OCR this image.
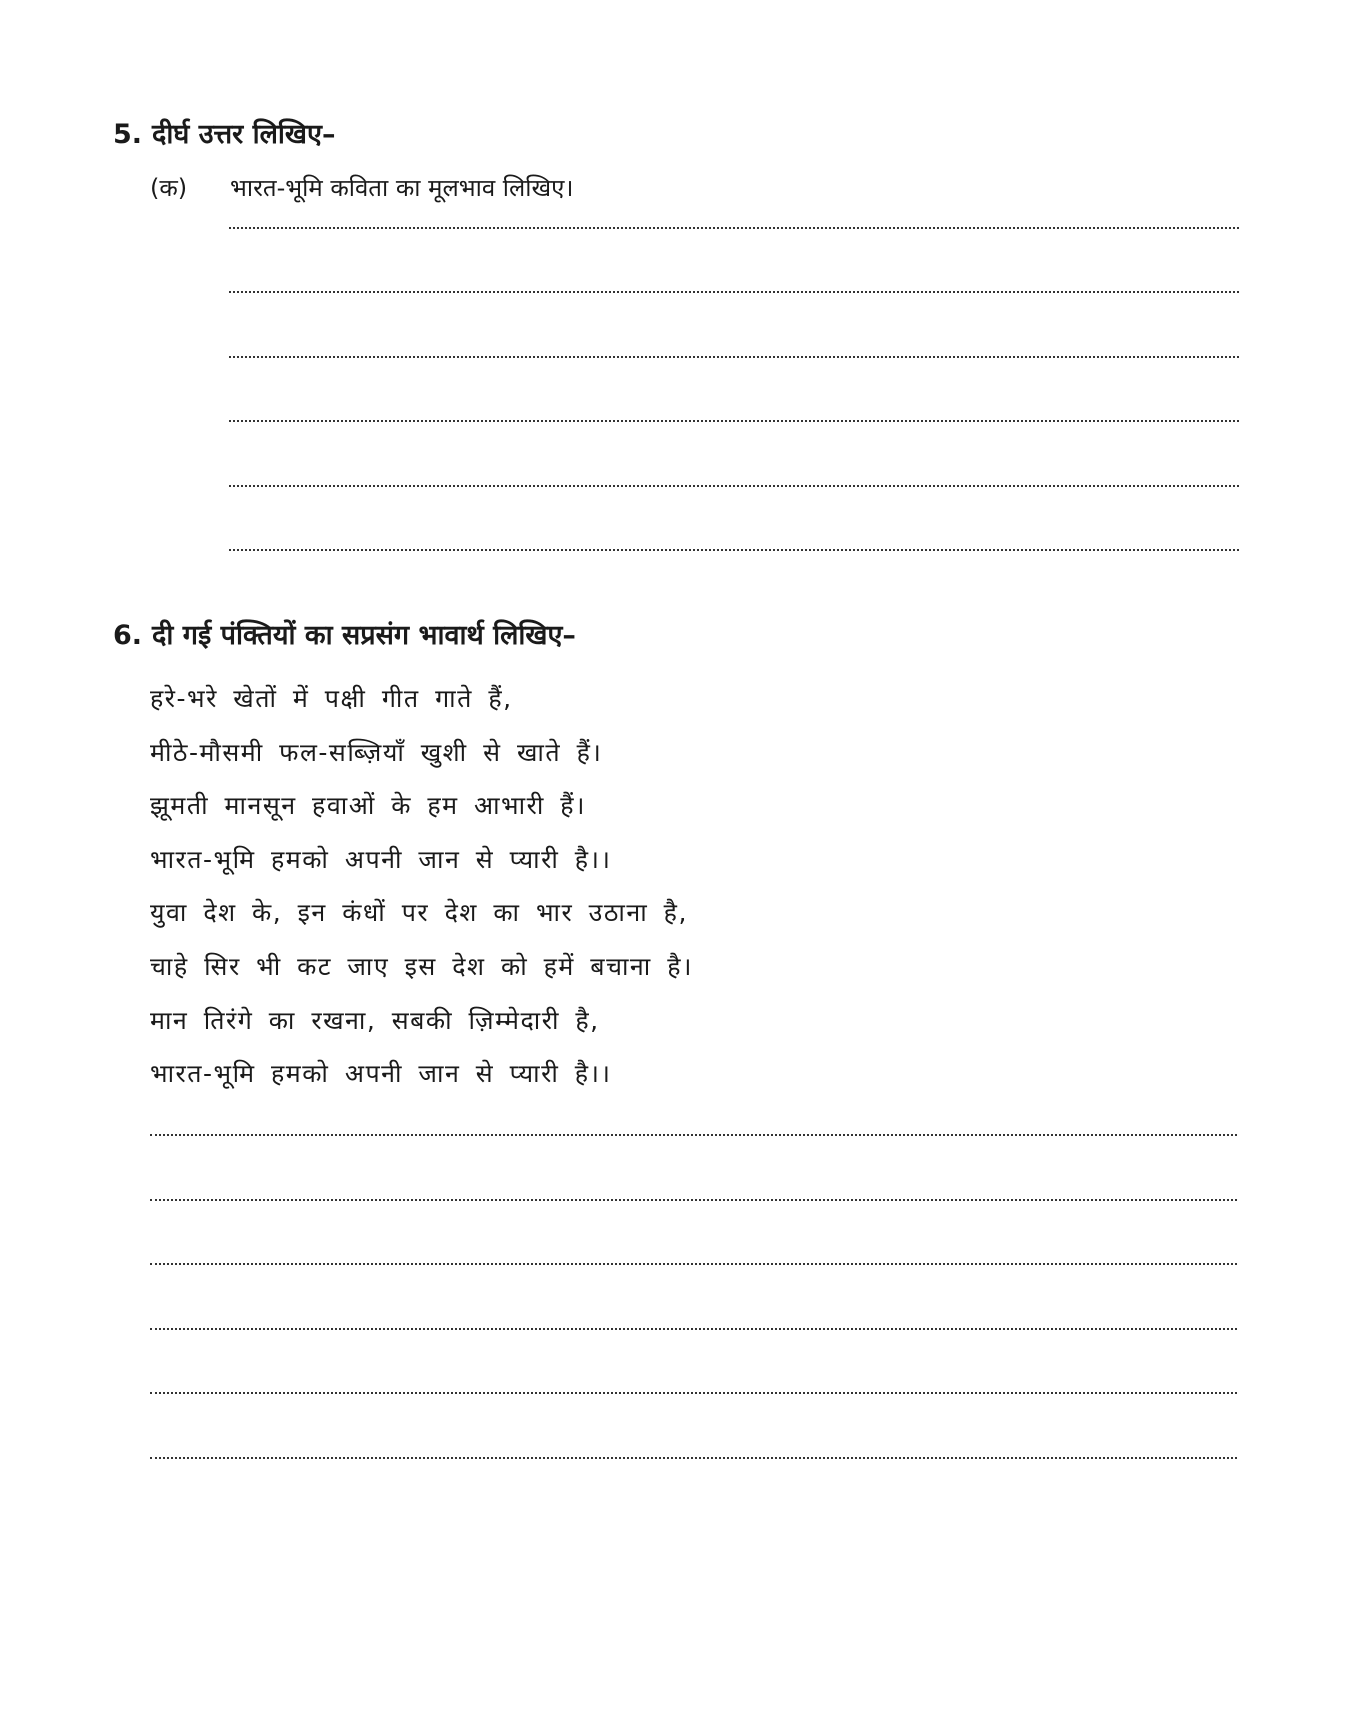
5. दीर्घ उत्तर लिखिए–
(क) भारत-भूमि कविता का मूलभाव लिखिए।
6. दी गई पंक्तियों का सप्रसंग भावार्थ लिखिए–
हरे-भरे खेतों में पक्षी गीत गाते हैं,
मीठे-मौसमी फल-सब्ज़ियाँ खुशी से खाते हैं।
झूमती मानसून हवाओं के हम आभारी हैं।
भारत-भूमि हमको अपनी जान से प्यारी है।।
युवा देश के, इन कंधों पर देश का भार उठाना है,
चाहे सिर भी कट जाए इस देश को हमें बचाना है।
मान तिरंगे का रखना, सबकी ज़िम्मेदारी है,
भारत-भूमि हमको अपनी जान से प्यारी है।।
